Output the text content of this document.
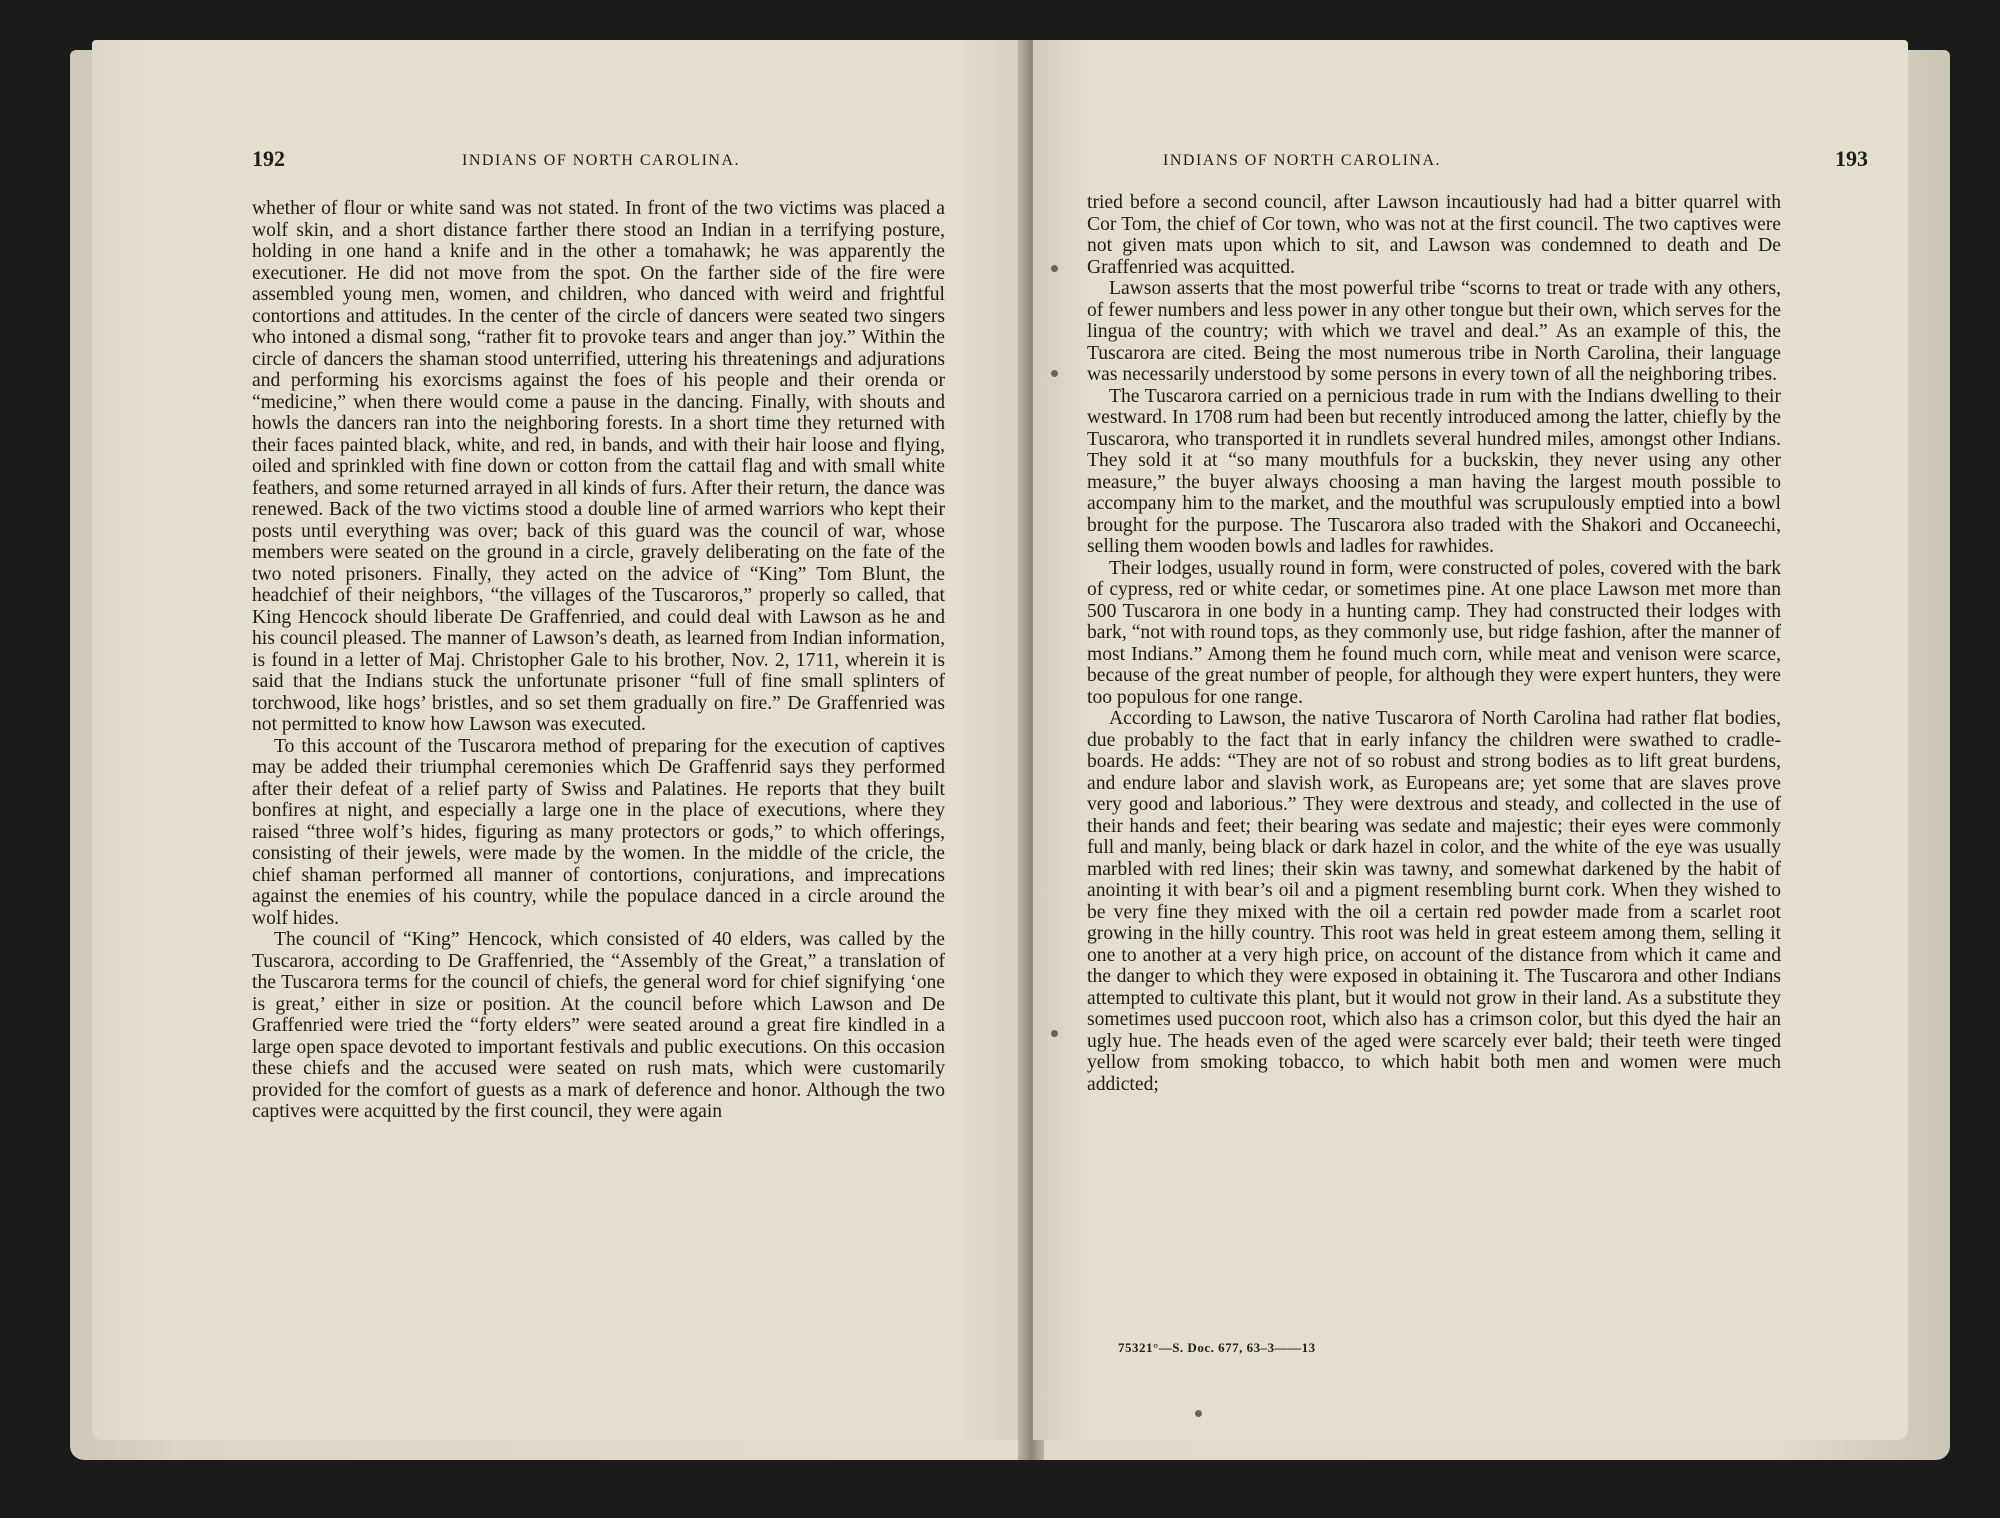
192	INDIANS OF NORTH CAROLINA.

whether of flour or white sand was not stated. In front of the two victims was placed a wolf skin, and a short distance farther there stood an Indian in a terrifying posture, holding in one hand a knife and in the other a tomahawk; he was apparently the executioner. He did not move from the spot. On the farther side of the fire were assembled young men, women, and children, who danced with weird and frightful contortions and attitudes. In the center of the circle of dancers were seated two singers who intoned a dismal song, “rather fit to provoke tears and anger than joy.” Within the circle of dancers the shaman stood unterrified, uttering his threatenings and adjurations and performing his exorcisms against the foes of his people and their orenda or “medicine,” when there would come a pause in the dancing. Finally, with shouts and howls the dancers ran into the neighboring forests. In a short time they returned with their faces painted black, white, and red, in bands, and with their hair loose and flying, oiled and sprinkled with fine down or cotton from the cattail flag and with small white feathers, and some returned arrayed in all kinds of furs. After their return, the dance was renewed. Back of the two victims stood a double line of armed warriors who kept their posts until everything was over; back of this guard was the council of war, whose members were seated on the ground in a circle, gravely deliberating on the fate of the two noted prisoners. Finally, they acted on the advice of “King” Tom Blunt, the headchief of their neighbors, “the villages of the Tuscaroros,” properly so called, that King Hencock should liberate De Graffenried, and could deal with Lawson as he and his council pleased. The manner of Lawson’s death, as learned from Indian information, is found in a letter of Maj. Christopher Gale to his brother, Nov. 2, 1711, wherein it is said that the Indians stuck the unfortunate prisoner “full of fine small splinters of torchwood, like hogs’ bristles, and so set them gradually on fire.” De Graffenried was not permitted to know how Lawson was executed.

To this account of the Tuscarora method of preparing for the execution of captives may be added their triumphal ceremonies which De Graffenrid says they performed after their defeat of a relief party of Swiss and Palatines. He reports that they built bonfires at night, and especially a large one in the place of executions, where they raised “three wolf’s hides, figuring as many protectors or gods,” to which offerings, consisting of their jewels, were made by the women. In the middle of the cricle, the chief shaman performed all manner of contortions, conjurations, and imprecations against the enemies of his country, while the populace danced in a circle around the wolf hides.

The council of “King” Hencock, which consisted of 40 elders, was called by the Tuscarora, according to De Graffenried, the “Assembly of the Great,” a translation of the Tuscarora terms for the council of chiefs, the general word for chief signifying ‘one is great,’ either in size or position. At the council before which Lawson and De Graffenried were tried the “forty elders” were seated around a great fire kindled in a large open space devoted to important festivals and public executions. On this occasion these chiefs and the accused were seated on rush mats, which were customarily provided for the comfort of guests as a mark of deference and honor. Although the two captives were acquitted by the first council, they were again

INDIANS OF NORTH CAROLINA.	193

tried before a second council, after Lawson incautiously had had a bitter quarrel with Cor Tom, the chief of Cor town, who was not at the first council. The two captives were not given mats upon which to sit, and Lawson was condemned to death and De Graffenried was acquitted.

Lawson asserts that the most powerful tribe “scorns to treat or trade with any others, of fewer numbers and less power in any other tongue but their own, which serves for the lingua of the country; with which we travel and deal.” As an example of this, the Tuscarora are cited. Being the most numerous tribe in North Carolina, their language was necessarily understood by some persons in every town of all the neighboring tribes.

The Tuscarora carried on a pernicious trade in rum with the Indians dwelling to their westward. In 1708 rum had been but recently introduced among the latter, chiefly by the Tuscarora, who transported it in rundlets several hundred miles, amongst other Indians. They sold it at “so many mouthfuls for a buckskin, they never using any other measure,” the buyer always choosing a man having the largest mouth possible to accompany him to the market, and the mouthful was scrupulously emptied into a bowl brought for the purpose. The Tuscarora also traded with the Shakori and Occaneechi, selling them wooden bowls and ladles for rawhides.

Their lodges, usually round in form, were constructed of poles, covered with the bark of cypress, red or white cedar, or sometimes pine. At one place Lawson met more than 500 Tuscarora in one body in a hunting camp. They had constructed their lodges with bark, “not with round tops, as they commonly use, but ridge fashion, after the manner of most Indians.” Among them he found much corn, while meat and venison were scarce, because of the great number of people, for although they were expert hunters, they were too populous for one range.

According to Lawson, the native Tuscarora of North Carolina had rather flat bodies, due probably to the fact that in early infancy the children were swathed to cradle-boards. He adds: “They are not of so robust and strong bodies as to lift great burdens, and endure labor and slavish work, as Europeans are; yet some that are slaves prove very good and laborious.” They were dextrous and steady, and collected in the use of their hands and feet; their bearing was sedate and majestic; their eyes were commonly full and manly, being black or dark hazel in color, and the white of the eye was usually marbled with red lines; their skin was tawny, and somewhat darkened by the habit of anointing it with bear’s oil and a pigment resembling burnt cork. When they wished to be very fine they mixed with the oil a certain red powder made from a scarlet root growing in the hilly country. This root was held in great esteem among them, selling it one to another at a very high price, on account of the distance from which it came and the danger to which they were exposed in obtaining it. The Tuscarora and other Indians attempted to cultivate this plant, but it would not grow in their land. As a substitute they sometimes used puccoon root, which also has a crimson color, but this dyed the hair an ugly hue. The heads even of the aged were scarcely ever bald; their teeth were tinged yellow from smoking tobacco, to which habit both men and women were much addicted;

75321°—S. Doc. 677, 63–3——13
